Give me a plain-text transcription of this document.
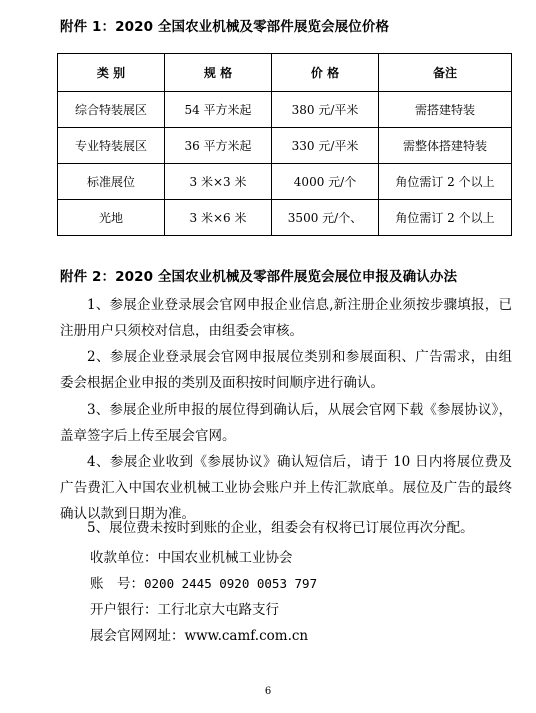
附件 1：2020 全国农业机械及零部件展览会展位价格
类 别	规 格	价 格	备注
综合特装展区	54 平方米起	380 元/平米	需搭建特装
专业特装展区	36 平方米起	330 元/平米	需整体搭建特装
标准展位	3 米×3 米	4000 元/个	角位需订 2 个以上
光地	3 米×6 米	3500 元/个、	角位需订 2 个以上
附件 2：2020 全国农业机械及零部件展览会展位申报及确认办法
1、参展企业登录展会官网申报企业信息,新注册企业须按步骤填报，已注册用户只须校对信息，由组委会审核。
2、参展企业登录展会官网申报展位类别和参展面积、广告需求，由组委会根据企业申报的类别及面积按时间顺序进行确认。
3、参展企业所申报的展位得到确认后，从展会官网下载《参展协议》，盖章签字后上传至展会官网。
4、参展企业收到《参展协议》确认短信后，请于 10 日内将展位费及广告费汇入中国农业机械工业协会账户并上传汇款底单。展位及广告的最终确认以款到日期为准。
5、展位费未按时到账的企业，组委会有权将已订展位再次分配。
收款单位：中国农业机械工业协会
账　号：0200 2445 0920 0053 797
开户银行：工行北京大屯路支行
展会官网网址：www.camf.com.cn
6
